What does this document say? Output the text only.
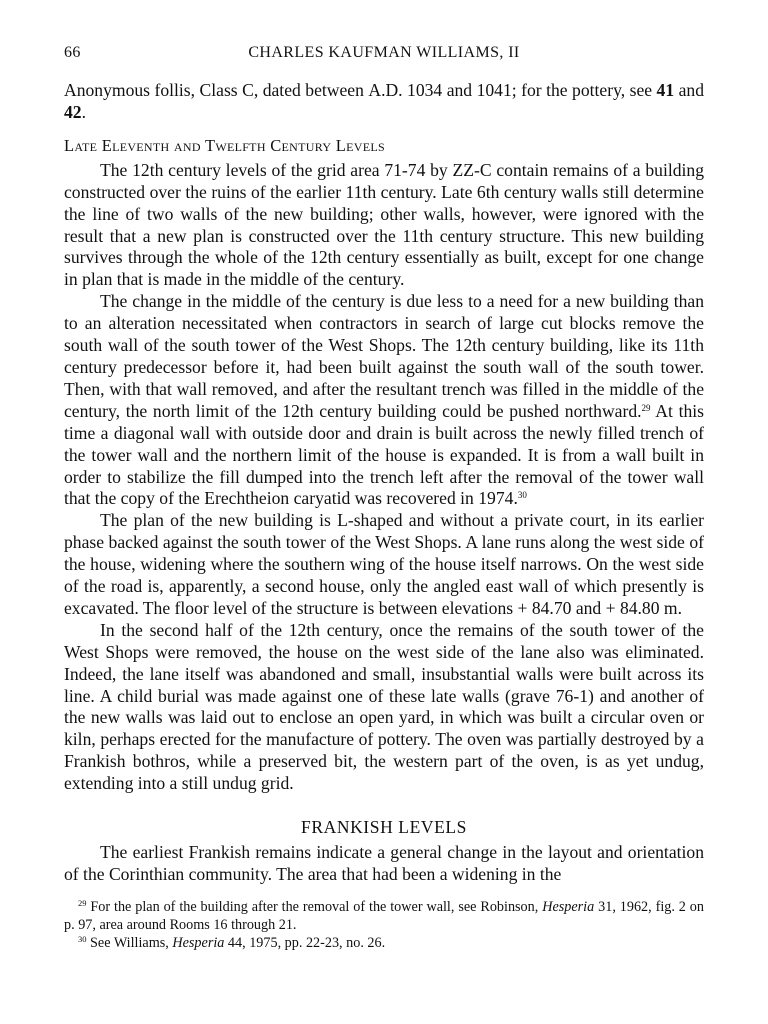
66	CHARLES KAUFMAN WILLIAMS, II

Anonymous follis, Class C, dated between A.D. 1034 and 1041; for the pottery, see 41 and 42.

Late Eleventh and Twelfth Century Levels

The 12th century levels of the grid area 71-74 by ZZ-C contain remains of a building constructed over the ruins of the earlier 11th century. Late 6th century walls still determine the line of two walls of the new building; other walls, however, were ignored with the result that a new plan is constructed over the 11th century structure. This new building survives through the whole of the 12th century essentially as built, except for one change in plan that is made in the middle of the century.

The change in the middle of the century is due less to a need for a new building than to an alteration necessitated when contractors in search of large cut blocks remove the south wall of the south tower of the West Shops. The 12th century building, like its 11th century predecessor before it, had been built against the south wall of the south tower. Then, with that wall removed, and after the resultant trench was filled in the middle of the century, the north limit of the 12th century building could be pushed northward.$^{29}$ At this time a diagonal wall with outside door and drain is built across the newly filled trench of the tower wall and the northern limit of the house is expanded. It is from a wall built in order to stabilize the fill dumped into the trench left after the removal of the tower wall that the copy of the Erechtheion caryatid was recovered in 1974.30

The plan of the new building is L-shaped and without a private court, in its earlier phase backed against the south tower of the West Shops. A lane runs along the west side of the house, widening where the southern wing of the house itself narrows. On the west side of the road is, apparently, a second house, only the angled east wall of which presently is excavated. The floor level of the structure is between elevations + 84.70 and + 84.80 m.

In the second half of the 12th century, once the remains of the south tower of the West Shops were removed, the house on the west side of the lane also was eliminated. Indeed, the lane itself was abandoned and small, insubstantial walls were built across its line. A child burial was made against one of these late walls (grave 76-1) and another of the new walls was laid out to enclose an open yard, in which was built a circular oven or kiln, perhaps erected for the manufacture of pottery. The oven was partially destroyed by a Frankish bothros, while a preserved bit, the western part of the oven, is as yet undug, extending into a still undug grid.

FRANKISH LEVELS

The earliest Frankish remains indicate a general change in the layout and orientation of the Corinthian community. The area that had been a widening in the

$^{29}$ For the plan of the building after the removal of the tower wall, see Robinson, Hesperia 31, 1962, fig. 2 on p. 97, area around Rooms 16 through 21.
$^{30}$ See Williams, Hesperia 44, 1975, pp. 22-23, no. 26.
